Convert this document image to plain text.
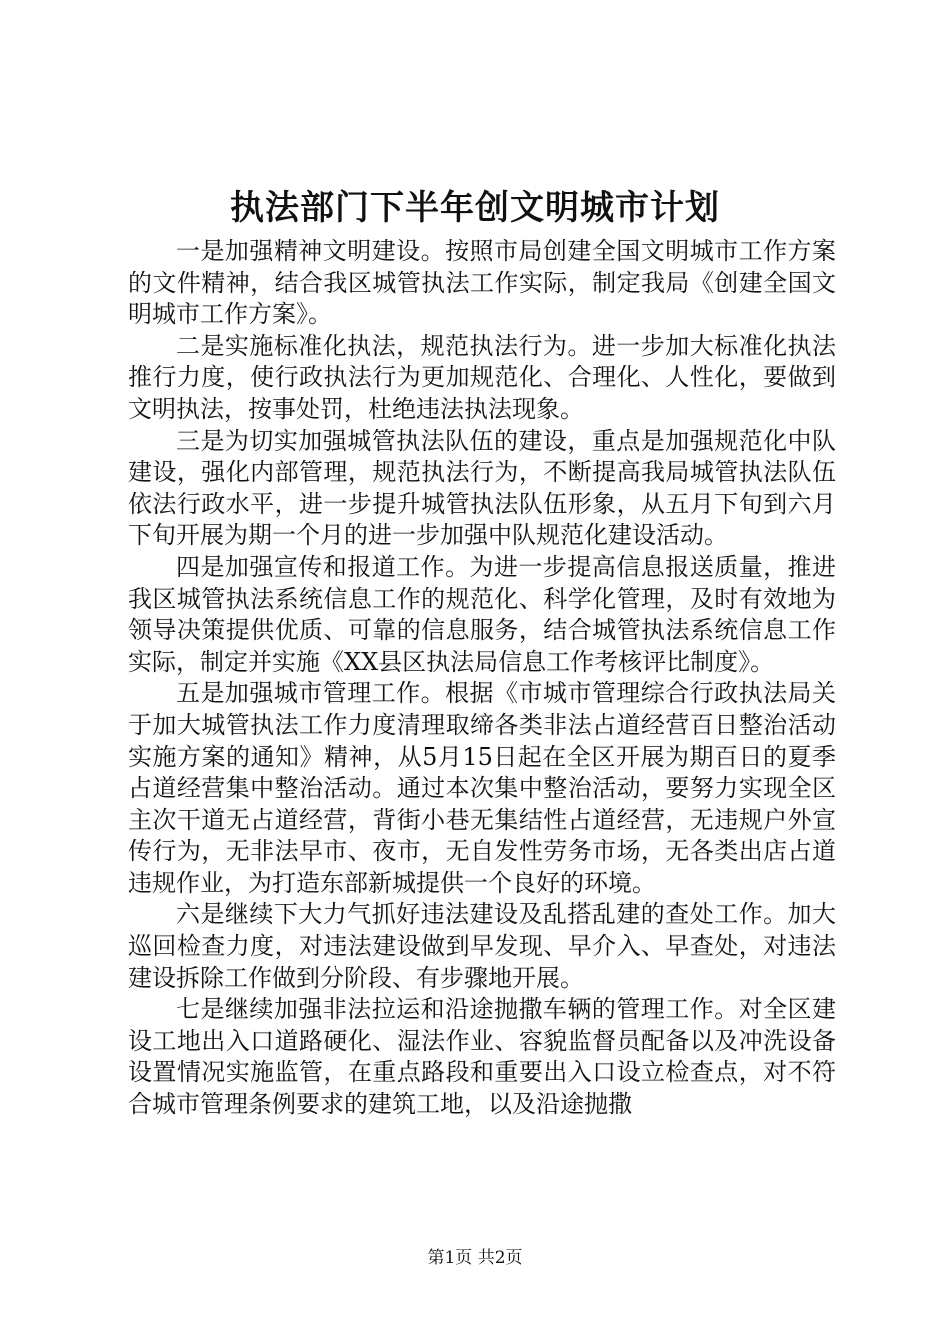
执法部门下半年创文明城市计划

一是加强精神文明建设。按照市局创建全国文明城市工作方案的文件精神，结合我区城管执法工作实际，制定我局《创建全国文明城市工作方案》。

二是实施标准化执法，规范执法行为。进一步加大标准化执法推行力度，使行政执法行为更加规范化、合理化、人性化，要做到文明执法，按事处罚，杜绝违法执法现象。

三是为切实加强城管执法队伍的建设，重点是加强规范化中队建设，强化内部管理，规范执法行为，不断提高我局城管执法队伍依法行政水平，进一步提升城管执法队伍形象，从五月下旬到六月下旬开展为期一个月的进一步加强中队规范化建设活动。

四是加强宣传和报道工作。为进一步提高信息报送质量，推进我区城管执法系统信息工作的规范化、科学化管理，及时有效地为领导决策提供优质、可靠的信息服务，结合城管执法系统信息工作实际，制定并实施《XX县区执法局信息工作考核评比制度》。

五是加强城市管理工作。根据《市城市管理综合行政执法局关于加大城管执法工作力度清理取缔各类非法占道经营百日整治活动实施方案的通知》精神，从5月15日起在全区开展为期百日的夏季占道经营集中整治活动。通过本次集中整治活动，要努力实现全区主次干道无占道经营，背街小巷无集结性占道经营，无违规户外宣传行为，无非法早市、夜市，无自发性劳务市场，无各类出店占道违规作业，为打造东部新城提供一个良好的环境。

六是继续下大力气抓好违法建设及乱搭乱建的查处工作。加大巡回检查力度，对违法建设做到早发现、早介入、早查处，对违法建设拆除工作做到分阶段、有步骤地开展。

七是继续加强非法拉运和沿途抛撒车辆的管理工作。对全区建设工地出入口道路硬化、湿法作业、容貌监督员配备以及冲洗设备设置情况实施监管，在重点路段和重要出入口设立检查点，对不符合城市管理条例要求的建筑工地，以及沿途抛撒

第1页 共2页
